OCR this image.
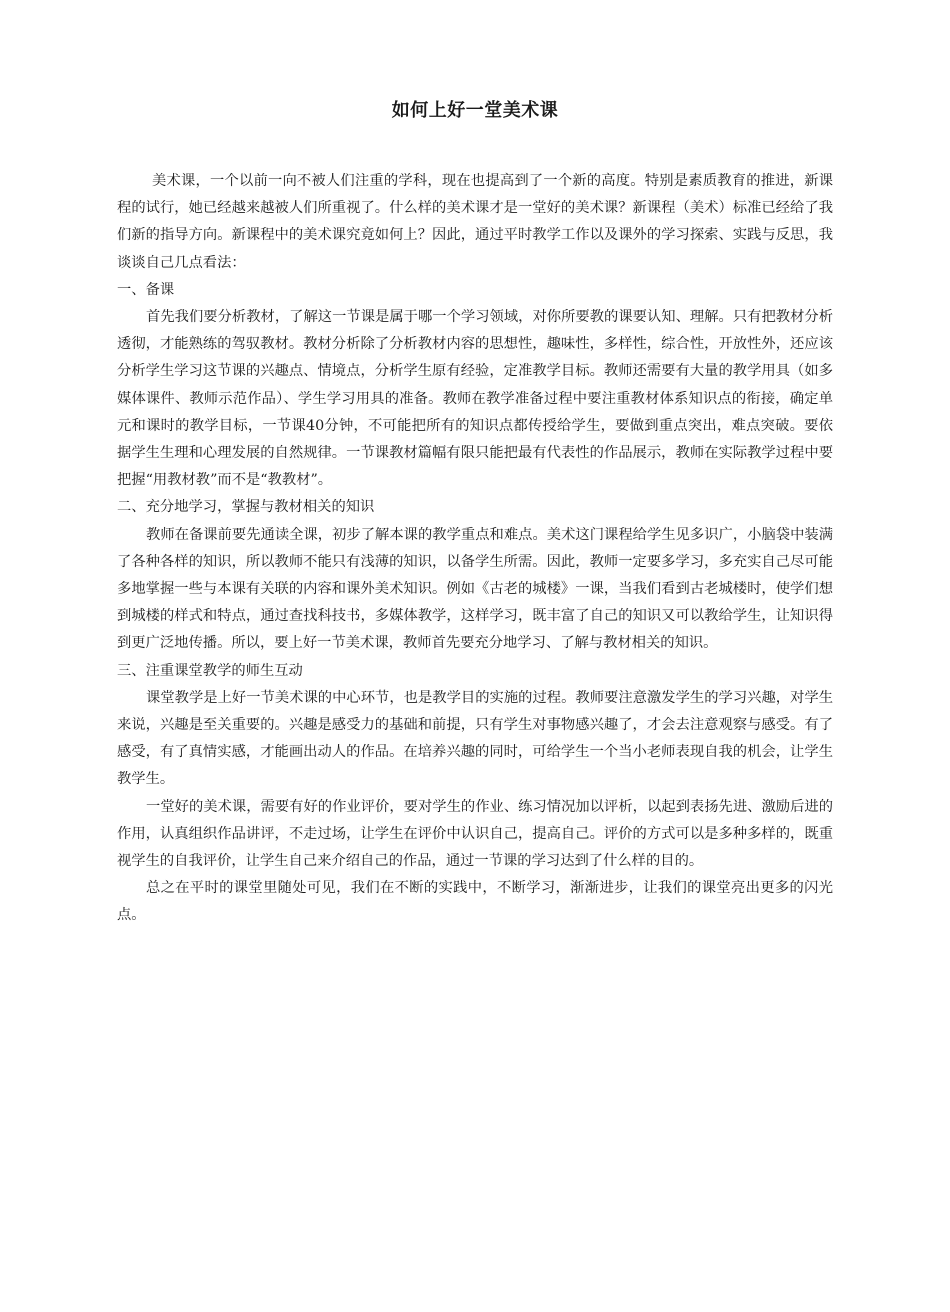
如何上好一堂美术课

美术课，一个以前一向不被人们注重的学科，现在也提高到了一个新的高度。特别是素质教育的推进，新课程的试行，她已经越来越被人们所重视了。什么样的美术课才是一堂好的美术课？新课程（美术）标准已经给了我们新的指导方向。新课程中的美术课究竟如何上？因此，通过平时教学工作以及课外的学习探索、实践与反思，我谈谈自己几点看法：

一、备课

首先我们要分析教材，了解这一节课是属于哪一个学习领域，对你所要教的课要认知、理解。只有把教材分析透彻，才能熟练的驾驭教材。教材分析除了分析教材内容的思想性，趣味性，多样性，综合性，开放性外，还应该分析学生学习这节课的兴趣点、情境点，分析学生原有经验，定准教学目标。教师还需要有大量的教学用具（如多媒体课件、教师示范作品）、学生学习用具的准备。教师在教学准备过程中要注重教材体系知识点的衔接，确定单元和课时的教学目标，一节课40分钟，不可能把所有的知识点都传授给学生，要做到重点突出，难点突破。要依据学生生理和心理发展的自然规律。一节课教材篇幅有限只能把最有代表性的作品展示，教师在实际教学过程中要把握“用教材教”而不是“教教材”。

二、充分地学习，掌握与教材相关的知识

教师在备课前要先通读全课，初步了解本课的教学重点和难点。美术这门课程给学生见多识广，小脑袋中装满了各种各样的知识，所以教师不能只有浅薄的知识，以备学生所需。因此，教师一定要多学习，多充实自己尽可能多地掌握一些与本课有关联的内容和课外美术知识。例如《古老的城楼》一课，当我们看到古老城楼时，使学们想到城楼的样式和特点，通过查找科技书，多媒体教学，这样学习，既丰富了自己的知识又可以教给学生，让知识得到更广泛地传播。所以，要上好一节美术课，教师首先要充分地学习、了解与教材相关的知识。

三、注重课堂教学的师生互动

课堂教学是上好一节美术课的中心环节，也是教学目的实施的过程。教师要注意激发学生的学习兴趣，对学生来说，兴趣是至关重要的。兴趣是感受力的基础和前提，只有学生对事物感兴趣了，才会去注意观察与感受。有了感受，有了真情实感，才能画出动人的作品。在培养兴趣的同时，可给学生一个当小老师表现自我的机会，让学生教学生。

一堂好的美术课，需要有好的作业评价，要对学生的作业、练习情况加以评析，以起到表扬先进、激励后进的作用，认真组织作品讲评，不走过场，让学生在评价中认识自己，提高自己。评价的方式可以是多种多样的，既重视学生的自我评价，让学生自己来介绍自己的作品，通过一节课的学习达到了什么样的目的。

总之在平时的课堂里随处可见，我们在不断的实践中，不断学习，渐渐进步，让我们的课堂亮出更多的闪光点。
